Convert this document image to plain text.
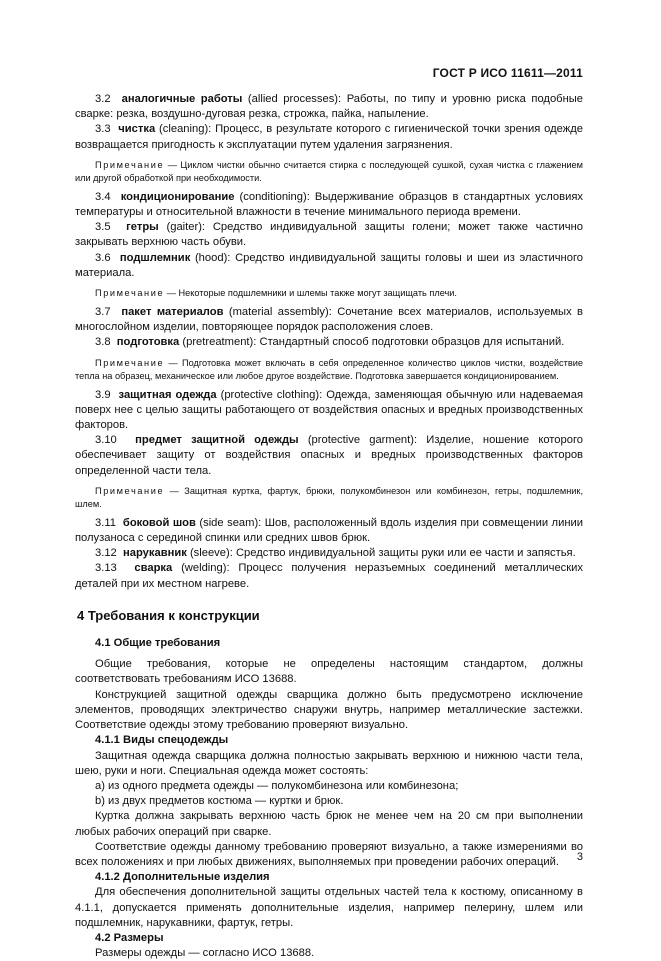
ГОСТ Р ИСО 11611—2011

3.2 аналогичные работы (allied processes): Работы, по типу и уровню риска подобные сварке: резка, воздушно-дуговая резка, строжка, пайка, напыление.

3.3 чистка (cleaning): Процесс, в результате которого с гигиенической точки зрения одежде возвращается пригодность к эксплуатации путем удаления загрязнения.

Примечание — Циклом чистки обычно считается стирка с последующей сушкой, сухая чистка с глажением или другой обработкой при необходимости.

3.4 кондиционирование (conditioning): Выдерживание образцов в стандартных условиях температуры и относительной влажности в течение минимального периода времени.

3.5 гетры (gaiter): Средство индивидуальной защиты голени; может также частично закрывать верхнюю часть обуви.

3.6 подшлемник (hood): Средство индивидуальной защиты головы и шеи из эластичного материала.

Примечание — Некоторые подшлемники и шлемы также могут защищать плечи.

3.7 пакет материалов (material assembly): Сочетание всех материалов, используемых в многослойном изделии, повторяющее порядок расположения слоев.

3.8 подготовка (pretreatment): Стандартный способ подготовки образцов для испытаний.

Примечание — Подготовка может включать в себя определенное количество циклов чистки, воздействие тепла на образец, механическое или любое другое воздействие. Подготовка завершается кондиционированием.

3.9 защитная одежда (protective clothing): Одежда, заменяющая обычную или надеваемая поверх нее с целью защиты работающего от воздействия опасных и вредных производственных факторов.

3.10 предмет защитной одежды (protective garment): Изделие, ношение которого обеспечивает защиту от воздействия опасных и вредных производственных факторов определенной части тела.

Примечание — Защитная куртка, фартук, брюки, полукомбинезон или комбинезон, гетры, подшлемник, шлем.

3.11 боковой шов (side seam): Шов, расположенный вдоль изделия при совмещении линии полузаноса с серединой спинки или средних швов брюк.

3.12 нарукавник (sleeve): Средство индивидуальной защиты руки или ее части и запястья.

3.13 сварка (welding): Процесс получения неразъемных соединений металлических деталей при их местном нагреве.

4 Требования к конструкции

4.1 Общие требования

Общие требования, которые не определены настоящим стандартом, должны соответствовать требованиям ИСО 13688.

Конструкцией защитной одежды сварщика должно быть предусмотрено исключение элементов, проводящих электричество снаружи внутрь, например металлические застежки. Соответствие одежды этому требованию проверяют визуально.

4.1.1 Виды спецодежды

Защитная одежда сварщика должна полностью закрывать верхнюю и нижнюю части тела, шею, руки и ноги. Специальная одежда может состоять:

а) из одного предмета одежды — полукомбинезона или комбинезона;

b) из двух предметов костюма — куртки и брюк.

Куртка должна закрывать верхнюю часть брюк не менее чем на 20 см при выполнении любых рабочих операций при сварке.

Соответствие одежды данному требованию проверяют визуально, а также измерениями во всех положениях и при любых движениях, выполняемых при проведении рабочих операций.

4.1.2 Дополнительные изделия

Для обеспечения дополнительной защиты отдельных частей тела к костюму, описанному в 4.1.1, допускается применять дополнительные изделия, например пелерину, шлем или подшлемник, нарукавники, фартук, гетры.

4.2 Размеры

Размеры одежды — согласно ИСО 13688.

3
